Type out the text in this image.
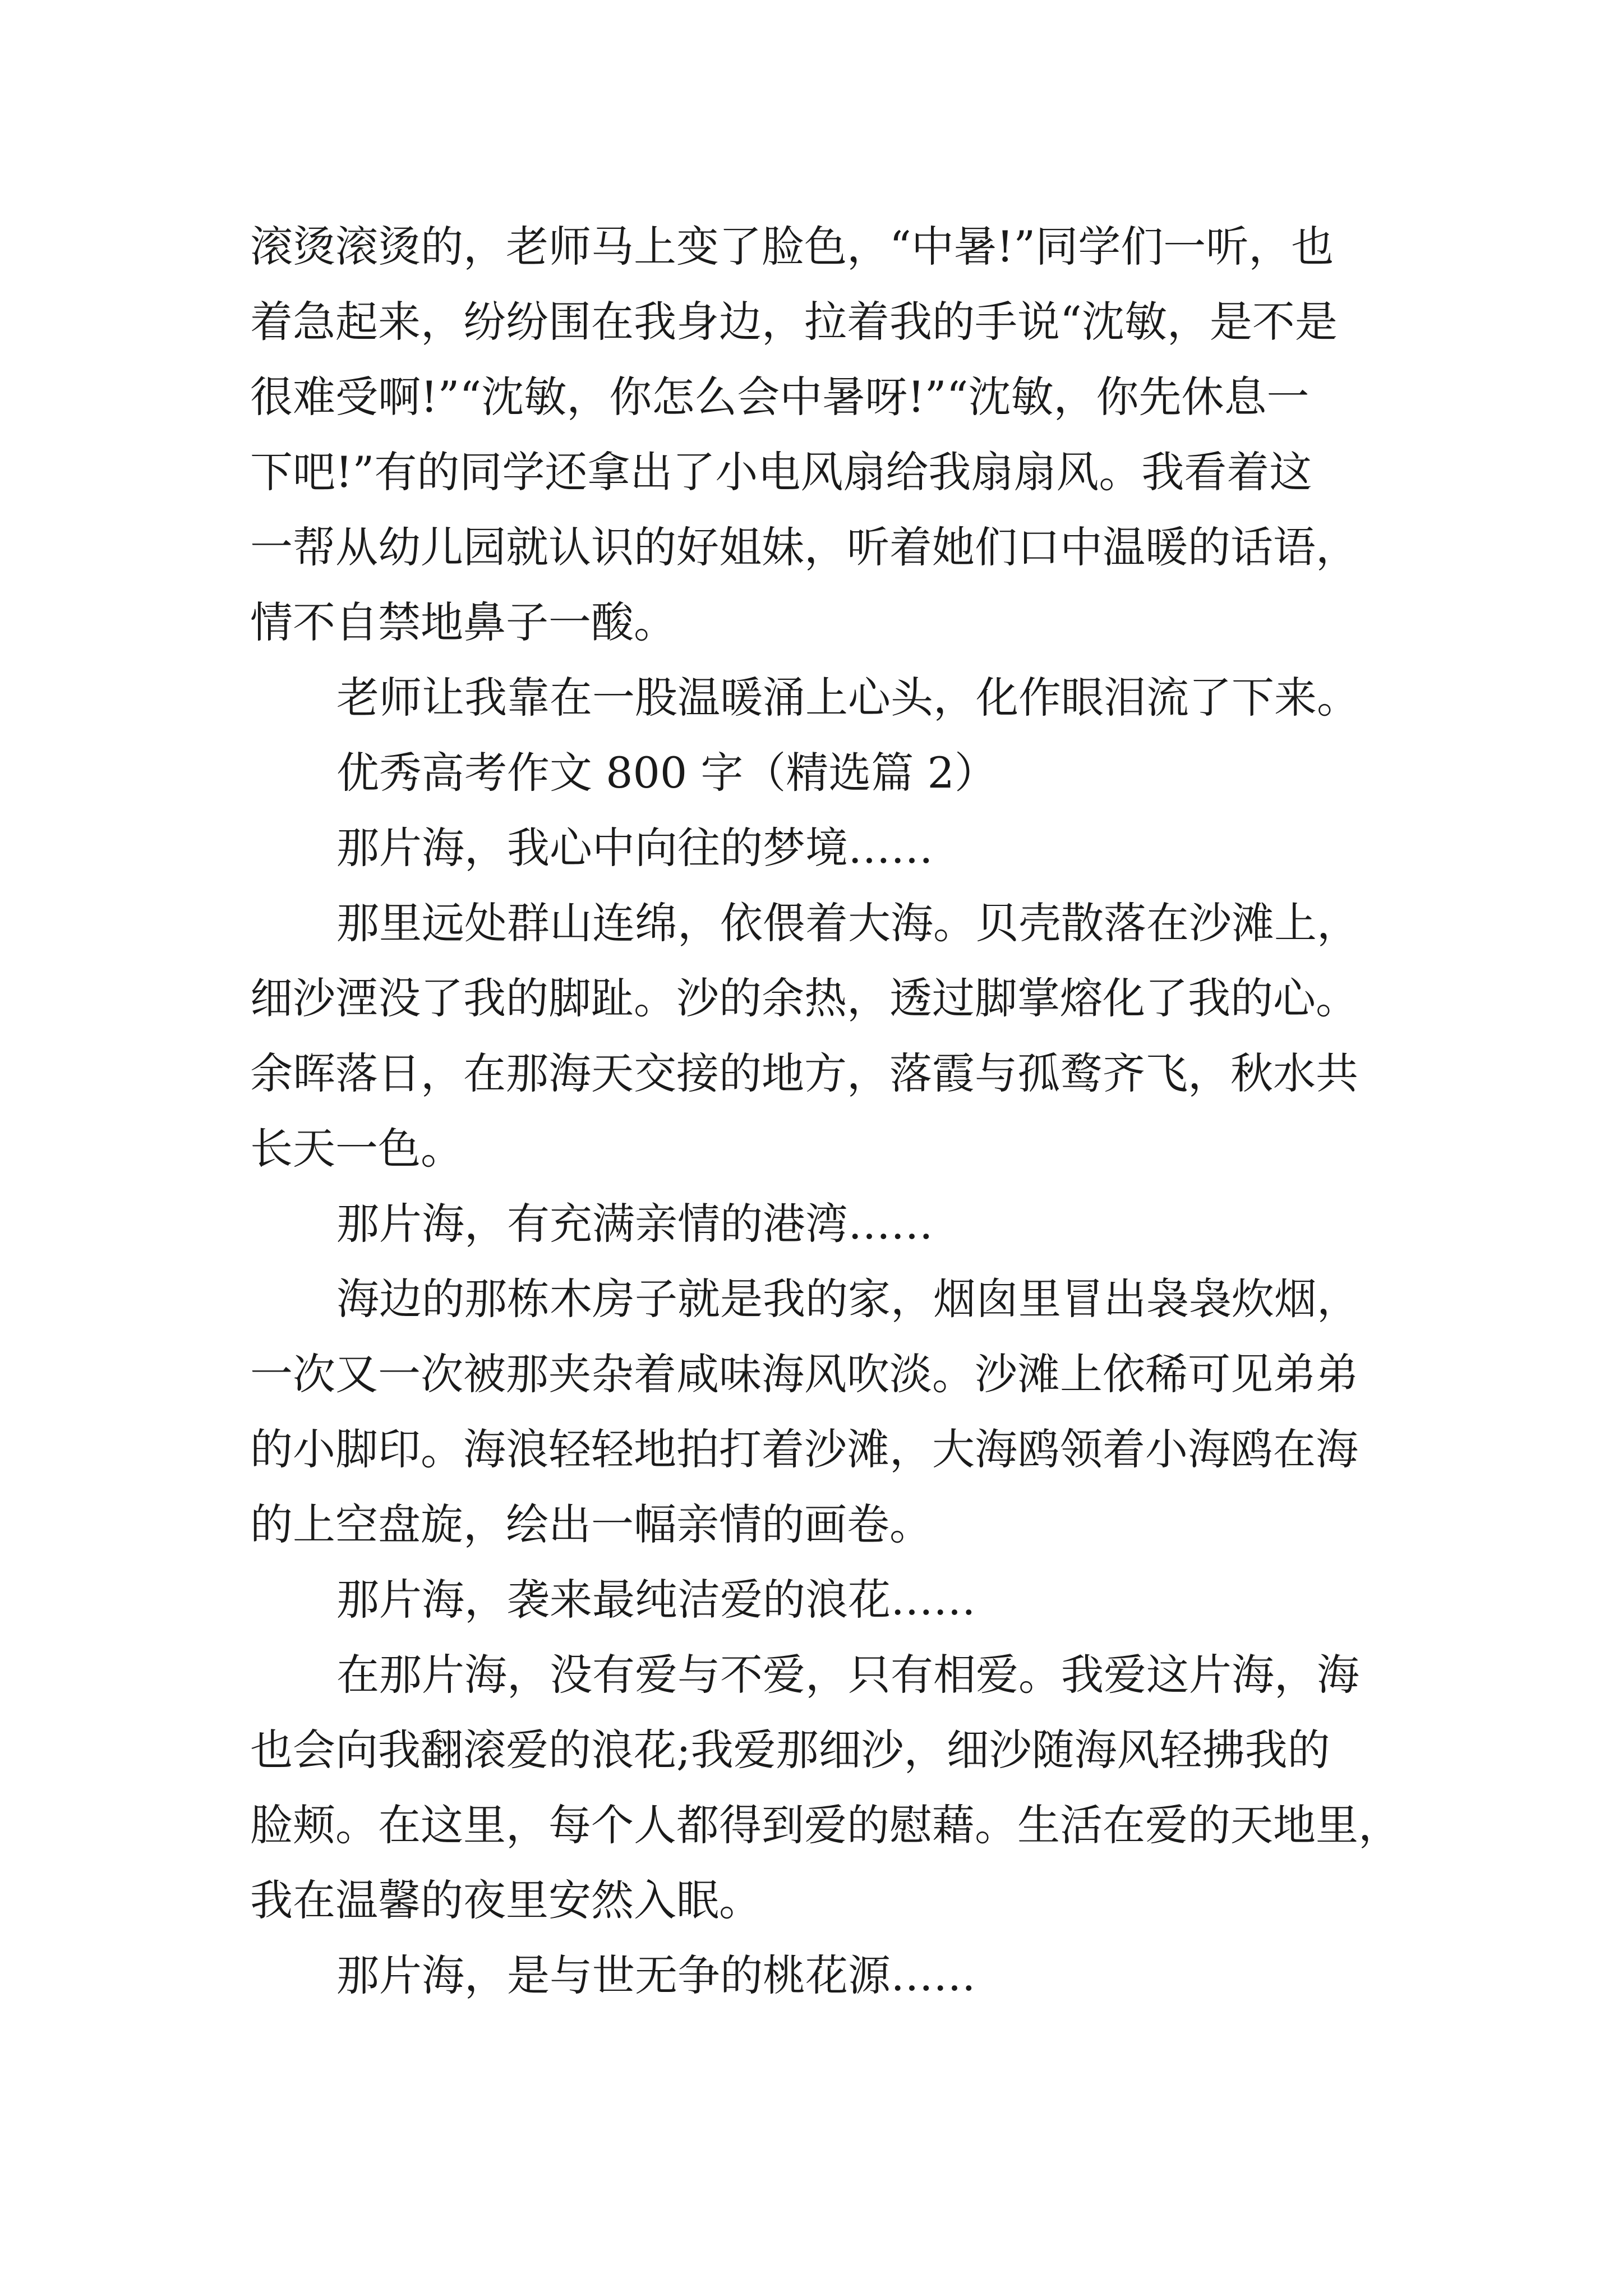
滚烫滚烫的，老师马上变了脸色，“中暑!”同学们一听，也

着急起来，纷纷围在我身边，拉着我的手说“沈敏，是不是

很难受啊!”“沈敏，你怎么会中暑呀!”“沈敏，你先休息一

下吧!”有的同学还拿出了小电风扇给我扇扇风。我看着这

一帮从幼儿园就认识的好姐妹，听着她们口中温暖的话语，

情不自禁地鼻子一酸。

老师让我靠在一股温暖涌上心头，化作眼泪流了下来。

优秀高考作文 800 字（精选篇 2）

那片海，我心中向往的梦境……

那里远处群山连绵，依偎着大海。贝壳散落在沙滩上，

细沙湮没了我的脚趾。沙的余热，透过脚掌熔化了我的心。

余晖落日，在那海天交接的地方，落霞与孤鹜齐飞，秋水共

长天一色。

那片海，有充满亲情的港湾……

海边的那栋木房子就是我的家，烟囱里冒出袅袅炊烟，

一次又一次被那夹杂着咸味海风吹淡。沙滩上依稀可见弟弟

的小脚印。海浪轻轻地拍打着沙滩，大海鸥领着小海鸥在海

的上空盘旋，绘出一幅亲情的画卷。

那片海，袭来最纯洁爱的浪花……

在那片海，没有爱与不爱，只有相爱。我爱这片海，海

也会向我翻滚爱的浪花;我爱那细沙，细沙随海风轻拂我的

脸颊。在这里，每个人都得到爱的慰藉。生活在爱的天地里，

我在温馨的夜里安然入眠。

那片海，是与世无争的桃花源……
